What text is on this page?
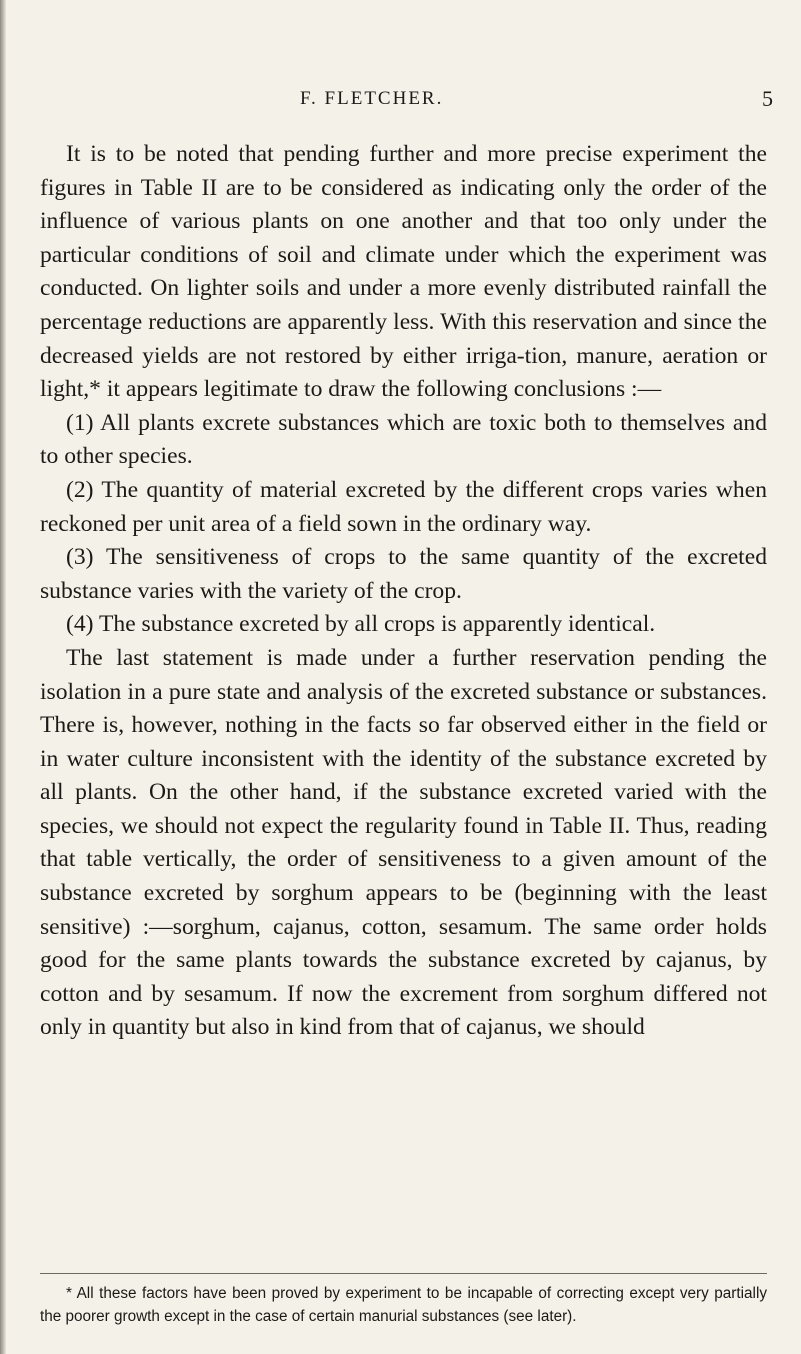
F. FLETCHER.	5

It is to be noted that pending further and more precise experiment the figures in Table II are to be considered as indicating only the order of the influence of various plants on one another and that too only under the particular conditions of soil and climate under which the experiment was conducted. On lighter soils and under a more evenly distributed rainfall the percentage reductions are apparently less. With this reservation and since the decreased yields are not restored by either irriga-tion, manure, aeration or light,* it appears legitimate to draw the following conclusions :—

(1) All plants excrete substances which are toxic both to themselves and to other species.

(2) The quantity of material excreted by the different crops varies when reckoned per unit area of a field sown in the ordinary way.

(3) The sensitiveness of crops to the same quantity of the excreted substance varies with the variety of the crop.

(4) The substance excreted by all crops is apparently identical.

The last statement is made under a further reservation pending the isolation in a pure state and analysis of the excreted substance or substances. There is, however, nothing in the facts so far observed either in the field or in water culture inconsistent with the identity of the substance excreted by all plants. On the other hand, if the substance excreted varied with the species, we should not expect the regularity found in Table II. Thus, reading that table vertically, the order of sensitiveness to a given amount of the substance excreted by sorghum appears to be (beginning with the least sensitive) :—sorghum, cajanus, cotton, sesamum. The same order holds good for the same plants towards the substance excreted by cajanus, by cotton and by sesamum. If now the excrement from sorghum differed not only in quantity but also in kind from that of cajanus, we should

* All these factors have been proved by experiment to be incapable of correcting except very partially the poorer growth except in the case of certain manurial substances (see later).
